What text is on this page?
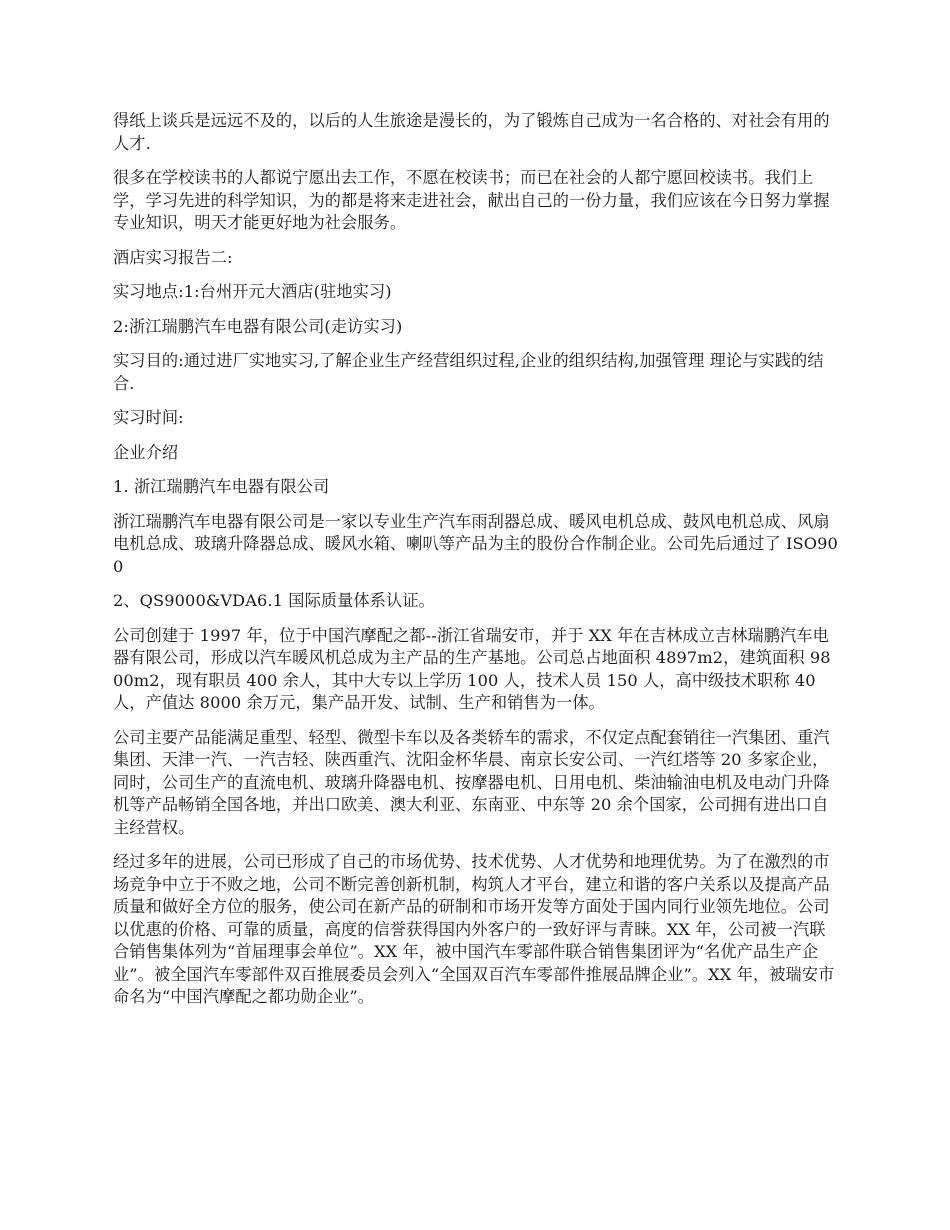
得纸上谈兵是远远不及的，以后的人生旅途是漫长的，为了锻炼自己成为一名合格的、对社会有用的人才.

很多在学校读书的人都说宁愿出去工作，不愿在校读书；而已在社会的人都宁愿回校读书。我们上学，学习先进的科学知识，为的都是将来走进社会，献出自己的一份力量，我们应该在今日努力掌握专业知识，明天才能更好地为社会服务。

酒店实习报告二:

实习地点:1:台州开元大酒店(驻地实习)

2:浙江瑞鹏汽车电器有限公司(走访实习)

实习目的:通过进厂实地实习,了解企业生产经营组织过程,企业的组织结构,加强管理 理论与实践的结合.

实习时间:

企业介绍

1. 浙江瑞鹏汽车电器有限公司

浙江瑞鹏汽车电器有限公司是一家以专业生产汽车雨刮器总成、暖风电机总成、鼓风电机总成、风扇电机总成、玻璃升降器总成、暖风水箱、喇叭等产品为主的股份合作制企业。公司先后通过了 ISO900

2、QS9000&VDA6.1 国际质量体系认证。

公司创建于 1997 年，位于中国汽摩配之都--浙江省瑞安市，并于 XX 年在吉林成立吉林瑞鹏汽车电器有限公司，形成以汽车暖风机总成为主产品的生产基地。公司总占地面积 4897m2，建筑面积 9800m2，现有职员 400 余人，其中大专以上学历 100 人，技术人员 150 人，高中级技术职称 40 人，产值达 8000 余万元，集产品开发、试制、生产和销售为一体。

公司主要产品能满足重型、轻型、微型卡车以及各类轿车的需求，不仅定点配套销往一汽集团、重汽集团、天津一汽、一汽吉轻、陕西重汽、沈阳金杯华晨、南京长安公司、一汽红塔等 20 多家企业，同时，公司生产的直流电机、玻璃升降器电机、按摩器电机、日用电机、柴油输油电机及电动门升降机等产品畅销全国各地，并出口欧美、澳大利亚、东南亚、中东等 20 余个国家，公司拥有进出口自主经营权。

经过多年的进展，公司已形成了自己的市场优势、技术优势、人才优势和地理优势。为了在激烈的市场竞争中立于不败之地，公司不断完善创新机制，构筑人才平台，建立和谐的客户关系以及提高产品质量和做好全方位的服务，使公司在新产品的研制和市场开发等方面处于国内同行业领先地位。公司以优惠的价格、可靠的质量，高度的信誉获得国内外客户的一致好评与青睐。XX 年，公司被一汽联合销售集体列为“首届理事会单位”。XX 年，被中国汽车零部件联合销售集团评为“名优产品生产企业”。被全国汽车零部件双百推展委员会列入“全国双百汽车零部件推展品牌企业”。XX 年，被瑞安市命名为“中国汽摩配之都功勋企业”。
